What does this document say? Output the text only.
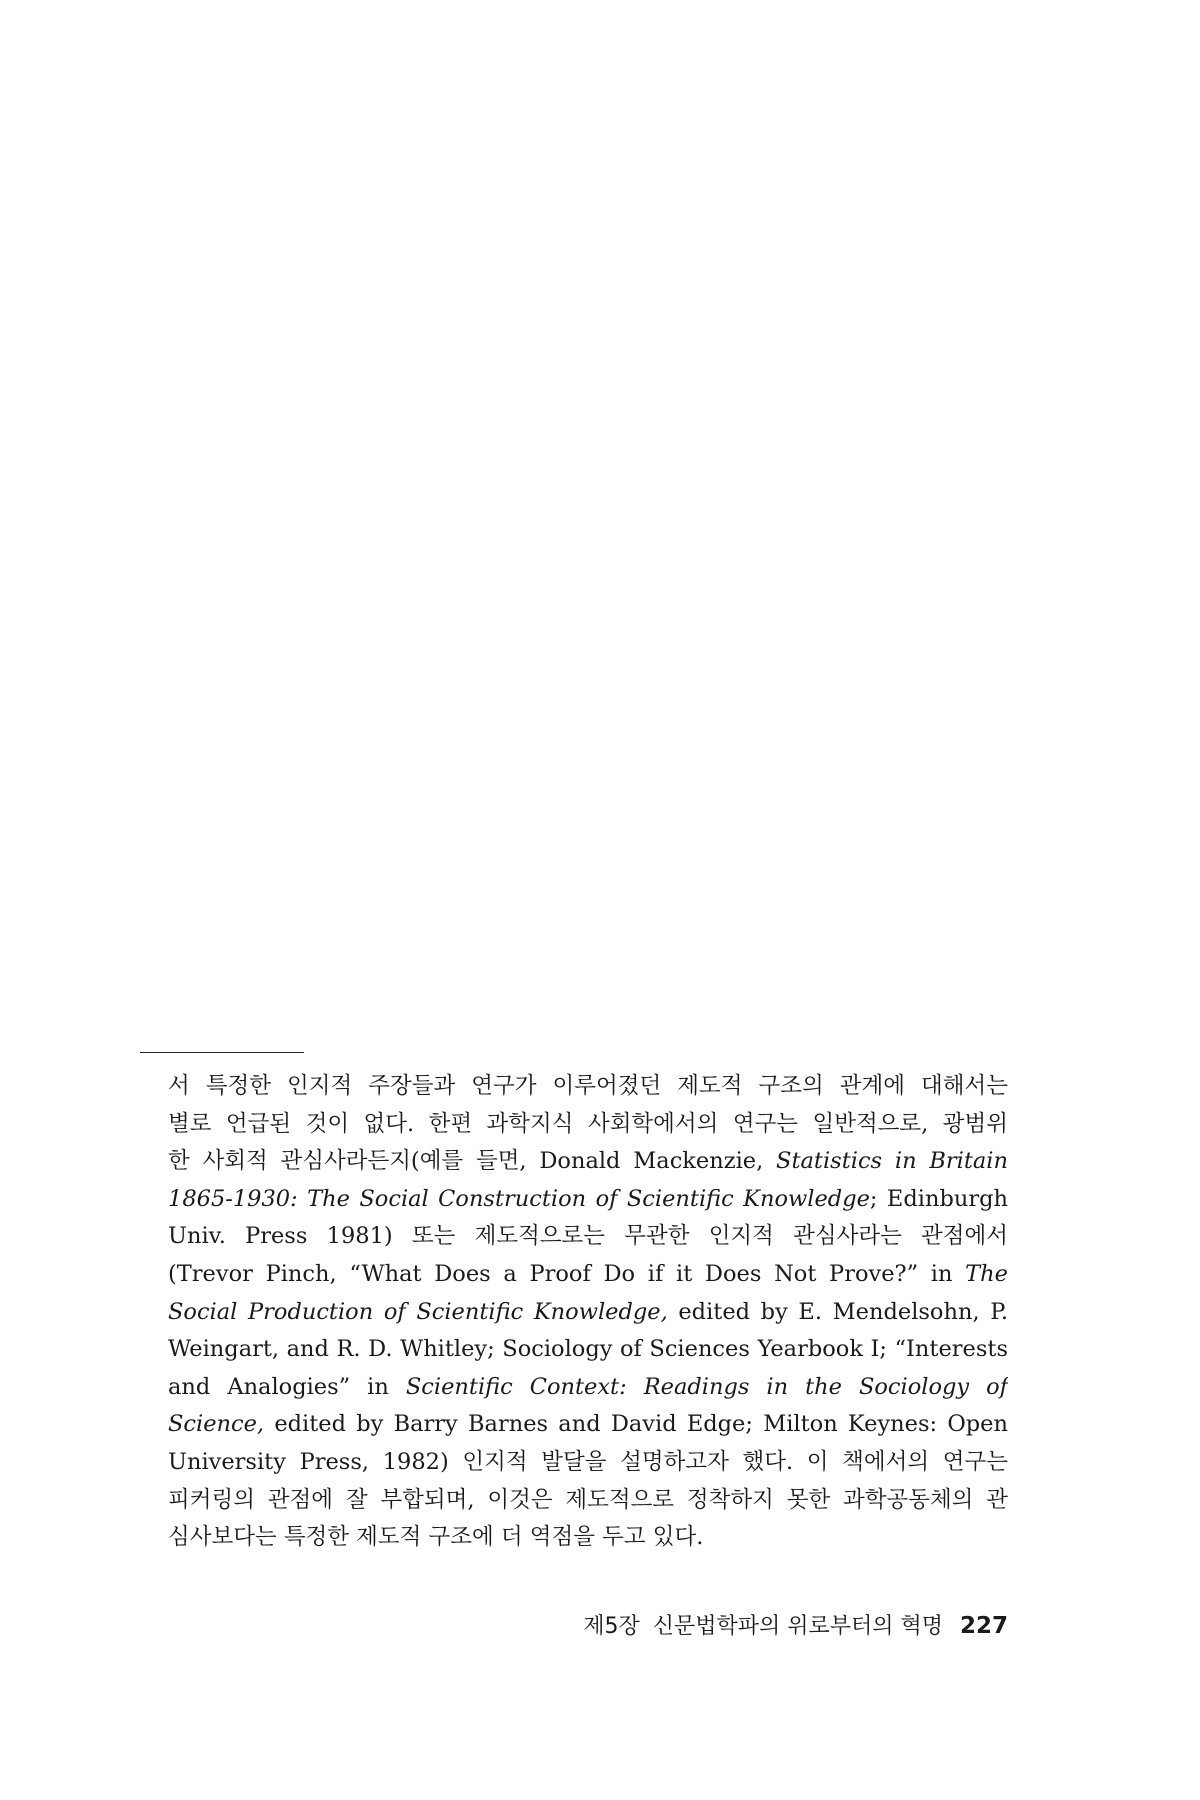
서 특정한 인지적 주장들과 연구가 이루어졌던 제도적 구조의 관계에 대해서는
별로 언급된 것이 없다. 한편 과학지식 사회학에서의 연구는 일반적으로, 광범위
한 사회적 관심사라든지(예를 들면, Donald Mackenzie, Statistics in Britain
1865-1930: The Social Construction of Scientific Knowledge; Edinburgh
Univ. Press 1981) 또는 제도적으로는 무관한 인지적 관심사라는 관점에서
(Trevor Pinch, “What Does a Proof Do if it Does Not Prove?” in The
Social Production of Scientific Knowledge, edited by E. Mendelsohn, P.
Weingart, and R. D. Whitley; Sociology of Sciences Yearbook I; “Interests
and Analogies” in Scientific Context: Readings in the Sociology of
Science, edited by Barry Barnes and David Edge; Milton Keynes: Open
University Press, 1982) 인지적 발달을 설명하고자 했다. 이 책에서의 연구는
피커링의 관점에 잘 부합되며, 이것은 제도적으로 정착하지 못한 과학공동체의 관
심사보다는 특정한 제도적 구조에 더 역점을 두고 있다.
제5장 신문법학파의 위로부터의 혁명 227
